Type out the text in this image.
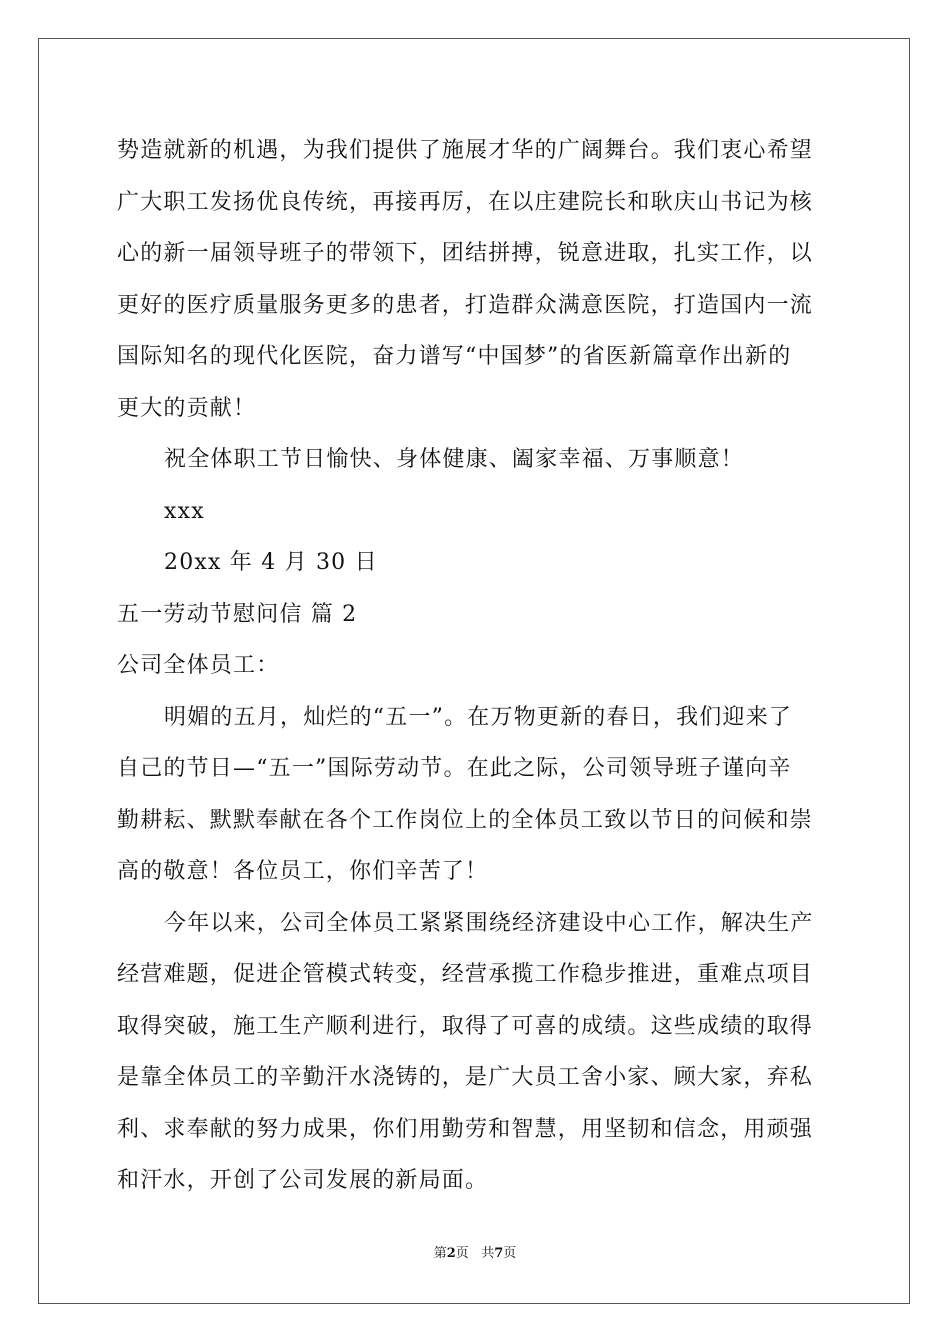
势造就新的机遇，为我们提供了施展才华的广阔舞台。我们衷心希望
广大职工发扬优良传统，再接再厉，在以庄建院长和耿庆山书记为核
心的新一届领导班子的带领下，团结拼搏，锐意进取，扎实工作，以
更好的医疗质量服务更多的患者，打造群众满意医院，打造国内一流
国际知名的现代化医院，奋力谱写“中国梦”的省医新篇章作出新的
更大的贡献！
祝全体职工节日愉快、身体健康、阖家幸福、万事顺意！
xxx
20xx 年 4 月 30 日
五一劳动节慰问信 篇 2
公司全体员工：
明媚的五月，灿烂的“五一”。在万物更新的春日，我们迎来了
自己的节日—“五一”国际劳动节。在此之际，公司领导班子谨向辛
勤耕耘、默默奉献在各个工作岗位上的全体员工致以节日的问候和崇
高的敬意！各位员工，你们辛苦了！
今年以来，公司全体员工紧紧围绕经济建设中心工作，解决生产
经营难题，促进企管模式转变，经营承揽工作稳步推进，重难点项目
取得突破，施工生产顺利进行，取得了可喜的成绩。这些成绩的取得
是靠全体员工的辛勤汗水浇铸的，是广大员工舍小家、顾大家，弃私
利、求奉献的努力成果，你们用勤劳和智慧，用坚韧和信念，用顽强
和汗水，开创了公司发展的新局面。
第2页 共7页
